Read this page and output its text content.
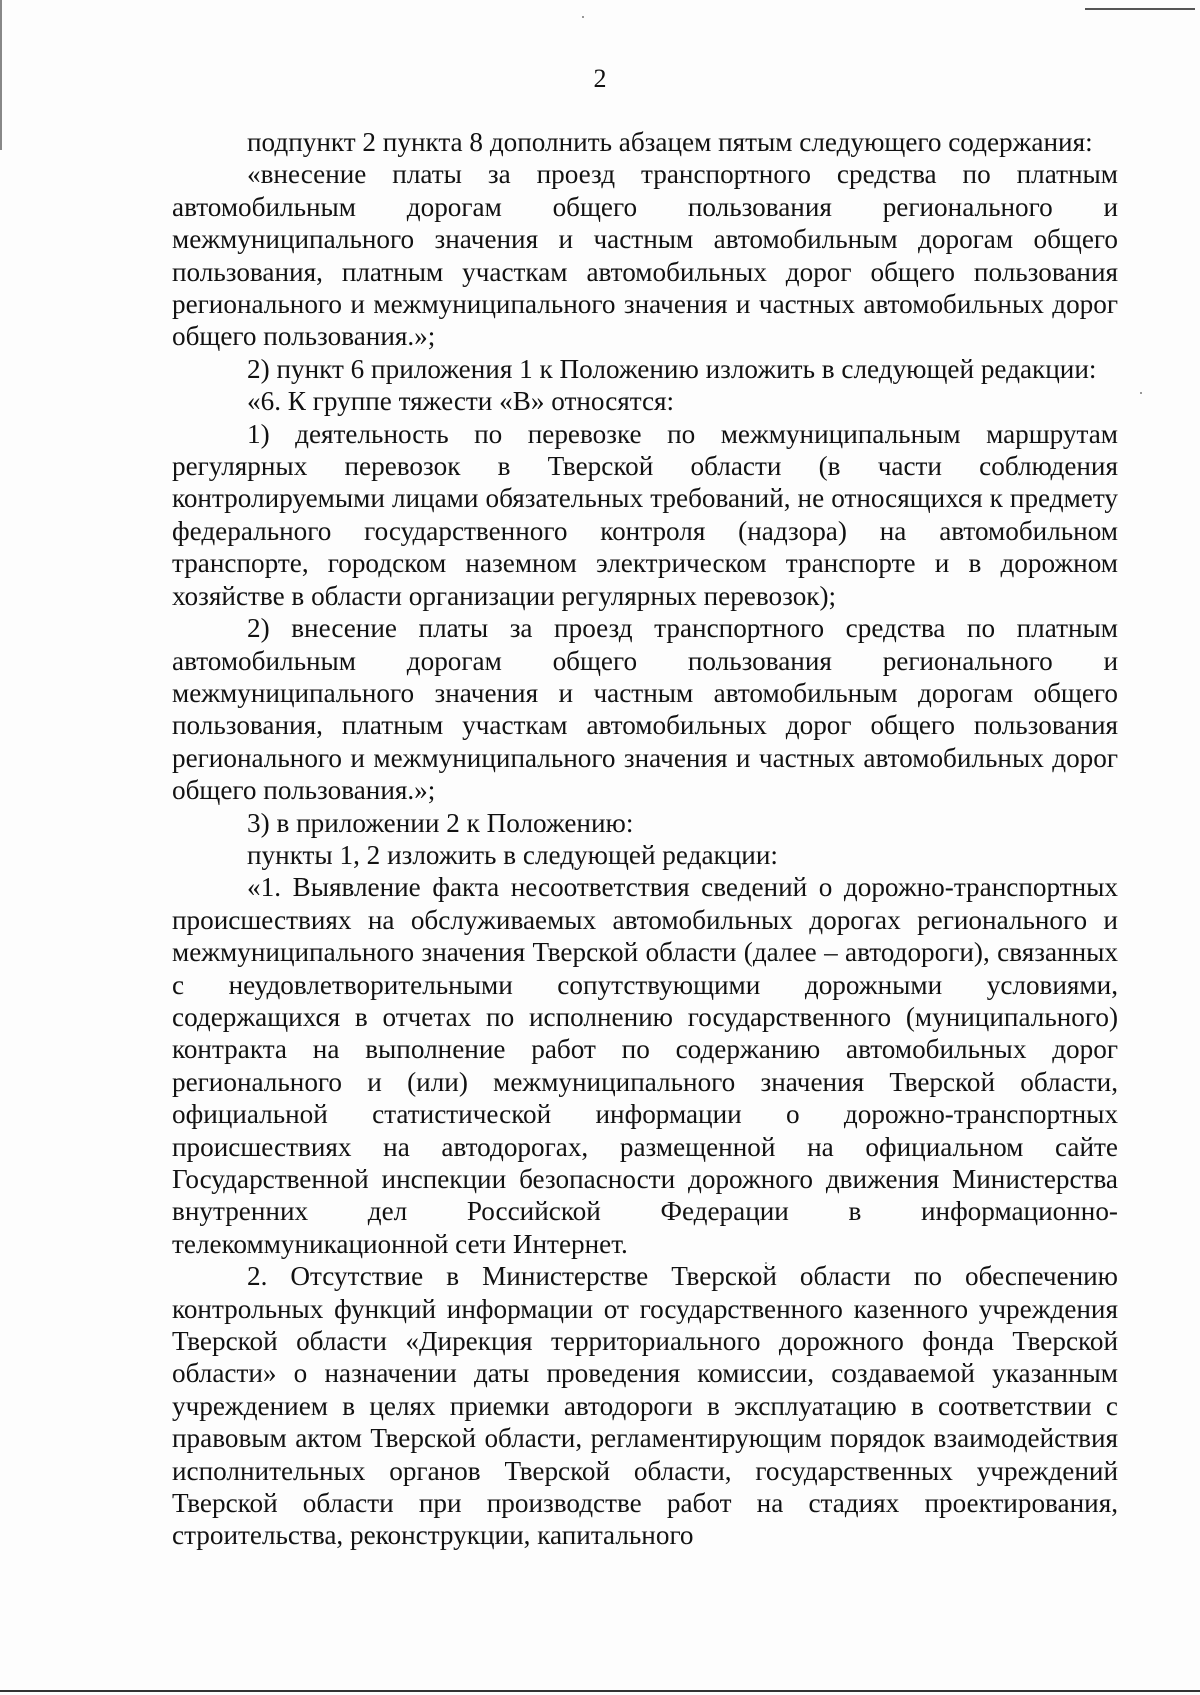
2

подпункт 2 пункта 8 дополнить абзацем пятым следующего содержания:

«внесение платы за проезд транспортного средства по платным автомобильным дорогам общего пользования регионального и межмуниципального значения и частным автомобильным дорогам общего пользования, платным участкам автомобильных дорог общего пользования регионального и межмуниципального значения и частных автомобильных дорог общего пользования.»;

2) пункт 6 приложения 1 к Положению изложить в следующей редакции:

«6. К группе тяжести «В» относятся:

1) деятельность по перевозке по межмуниципальным маршрутам регулярных перевозок в Тверской области (в части соблюдения контролируемыми лицами обязательных требований, не относящихся к предмету федерального государственного контроля (надзора) на автомобильном транспорте, городском наземном электрическом транспорте и в дорожном хозяйстве в области организации регулярных перевозок);

2) внесение платы за проезд транспортного средства по платным автомобильным дорогам общего пользования регионального и межмуниципального значения и частным автомобильным дорогам общего пользования, платным участкам автомобильных дорог общего пользования регионального и межмуниципального значения и частных автомобильных дорог общего пользования.»;

3) в приложении 2 к Положению:

пункты 1, 2 изложить в следующей редакции:

«1. Выявление факта несоответствия сведений о дорожно-транспортных происшествиях на обслуживаемых автомобильных дорогах регионального и межмуниципального значения Тверской области (далее – автодороги), связанных с неудовлетворительными сопутствующими дорожными условиями, содержащихся в отчетах по исполнению государственного (муниципального) контракта на выполнение работ по содержанию автомобильных дорог регионального и (или) межмуниципального значения Тверской области, официальной статистической информации о дорожно-транспортных происшествиях на автодорогах, размещенной на официальном сайте Государственной инспекции безопасности дорожного движения Министерства внутренних дел Российской Федерации в информационно-телекоммуникационной сети Интернет.

2. Отсутствие в Министерстве Тверской области по обеспечению контрольных функций информации от государственного казенного учреждения Тверской области «Дирекция территориального дорожного фонда Тверской области» о назначении даты проведения комиссии, создаваемой указанным учреждением в целях приемки автодороги в эксплуатацию в соответствии с правовым актом Тверской области, регламентирующим порядок взаимодействия исполнительных органов Тверской области, государственных учреждений Тверской области при производстве работ на стадиях проектирования, строительства, реконструкции, капитального
